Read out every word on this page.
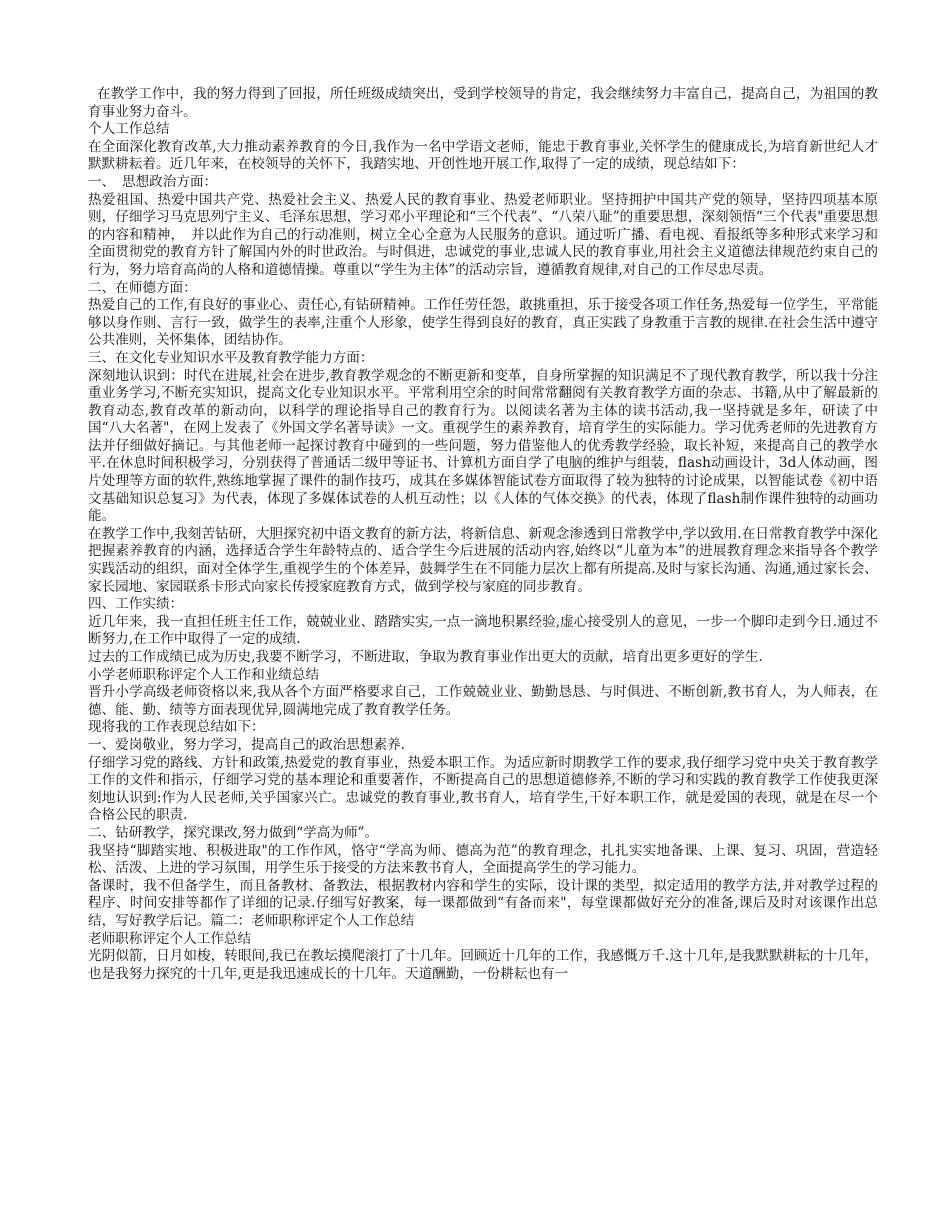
在教学工作中，我的努力得到了回报，所任班级成绩突出，受到学校领导的肯定，我会继续努力丰富自己，提高自己，为祖国的教育事业努力奋斗。

个人工作总结

在全面深化教育改革,大力推动素养教育的今日,我作为一名中学语文老师，能忠于教育事业,关怀学生的健康成长,为培育新世纪人才默默耕耘着。近几年来，在校领导的关怀下，我踏实地、开创性地开展工作,取得了一定的成绩，现总结如下：

一、　思想政治方面：

热爱祖国、热爱中国共产党、热爱社会主义、热爱人民的教育事业、热爱老师职业。坚持拥护中国共产党的领导，坚持四项基本原则，仔细学习马克思列宁主义、毛泽东思想，学习邓小平理论和“三个代表”、“八荣八耻”的重要思想，深刻领悟“三个代表"重要思想的内容和精神，　并以此作为自己的行动准则，树立全心全意为人民服务的意识。通过听广播、看电视、看报纸等多种形式来学习和全面贯彻党的教育方针了解国内外的时世政治。与时俱进，忠诚党的事业,忠诚人民的教育事业,用社会主义道德法律规范约束自己的行为，努力培育高尚的人格和道德情操。尊重以“学生为主体”的活动宗旨，遵循教育规律,对自己的工作尽忠尽责。

二、在师德方面：

热爱自己的工作,有良好的事业心、责任心,有钻研精神。工作任劳任怨，敢挑重担，乐于接受各项工作任务,热爱每一位学生，平常能够以身作则、言行一致，做学生的表率,注重个人形象，使学生得到良好的教育，真正实践了身教重于言教的规律.在社会生活中遵守公共准则，关怀集体，团结协作。

三、在文化专业知识水平及教育教学能力方面：

深刻地认识到：时代在进展,社会在进步,教育教学观念的不断更新和变革，自身所掌握的知识满足不了现代教育教学，所以我十分注重业务学习,不断充实知识，提高文化专业知识水平。平常利用空余的时间常常翻阅有关教育教学方面的杂志、书籍,从中了解最新的教育动态,教育改革的新动向，以科学的理论指导自己的教育行为。以阅读名著为主体的读书活动,我一坚持就是多年，研读了中国“八大名著"，在网上发表了《外国文学名著导读》一文。重视学生的素养教育，培育学生的实际能力。学习优秀老师的先进教育方法并仔细做好摘记。与其他老师一起探讨教育中碰到的一些问题，努力借鉴他人的优秀教学经验，取长补短，来提高自己的教学水平.在休息时间积极学习，分别获得了普通话二级甲等证书、计算机方面自学了电脑的维护与组装，flash动画设计，3d人体动画，图片处理等方面的软件,熟练地掌握了课件的制作技巧，成其在多媒体智能试卷方面取得了较为独特的讨论成果，以智能试卷《初中语文基础知识总复习》为代表，体现了多媒体试卷的人机互动性；以《人体的气体交换》的代表，体现了flash制作课件独特的动画功能。

在教学工作中,我刻苦钻研，大胆探究初中语文教育的新方法，将新信息、新观念渗透到日常教学中,学以致用.在日常教育教学中深化把握素养教育的内涵，选择适合学生年龄特点的、适合学生今后进展的活动内容,始终以“儿童为本”的进展教育理念来指导各个教学实践活动的组织，面对全体学生,重视学生的个体差异，鼓舞学生在不同能力层次上都有所提高.及时与家长沟通、沟通,通过家长会、家长园地、家园联系卡形式向家长传授家庭教育方式，做到学校与家庭的同步教育。

四、工作实绩：

近几年来，我一直担任班主任工作，兢兢业业、踏踏实实,一点一滴地积累经验,虚心接受别人的意见，一步一个脚印走到今日.通过不断努力,在工作中取得了一定的成绩.

过去的工作成绩已成为历史,我要不断学习，不断进取，争取为教育事业作出更大的贡献，培育出更多更好的学生.

小学老师职称评定个人工作和业绩总结

晋升小学高级老师资格以来,我从各个方面严格要求自己，工作兢兢业业、勤勤恳恳、与时俱进、不断创新,教书育人，为人师表，在德、能、勤、绩等方面表现优异,圆满地完成了教育教学任务。

现将我的工作表现总结如下：

一、爱岗敬业，努力学习，提高自己的政治思想素养.

仔细学习党的路线、方针和政策,热爱党的教育事业，热爱本职工作。为适应新时期教学工作的要求,我仔细学习党中央关于教育教学工作的文件和指示，仔细学习党的基本理论和重要著作，不断提高自己的思想道德修养,不断的学习和实践的教育教学工作使我更深刻地认识到:作为人民老师,关乎国家兴亡。忠诚党的教育事业,教书育人，培育学生,干好本职工作，就是爱国的表现，就是在尽一个合格公民的职责.

二、钻研教学，探究课改,努力做到“学高为师”。

我坚持“脚踏实地、积极进取"的工作作风，恪守“学高为师、德高为范”的教育理念，扎扎实实地备课、上课、复习、巩固，营造轻松、活泼、上进的学习氛围，用学生乐于接受的方法来教书育人，全面提高学生的学习能力。

备课时，我不但备学生，而且备教材、备教法，根据教材内容和学生的实际，设计课的类型，拟定适用的教学方法,并对教学过程的程序、时间安排等都作了详细的记录.仔细写好教案，每一课都做到“有备而来"，每堂课都做好充分的准备,课后及时对该课作出总结，写好教学后记。篇二：老师职称评定个人工作总结

老师职称评定个人工作总结

光阴似箭，日月如梭，转眼间,我已在教坛摸爬滚打了十几年。回顾近十几年的工作，我感慨万千.这十几年,是我默默耕耘的十几年，也是我努力探究的十几年,更是我迅速成长的十几年。天道酬勤，一份耕耘也有一
